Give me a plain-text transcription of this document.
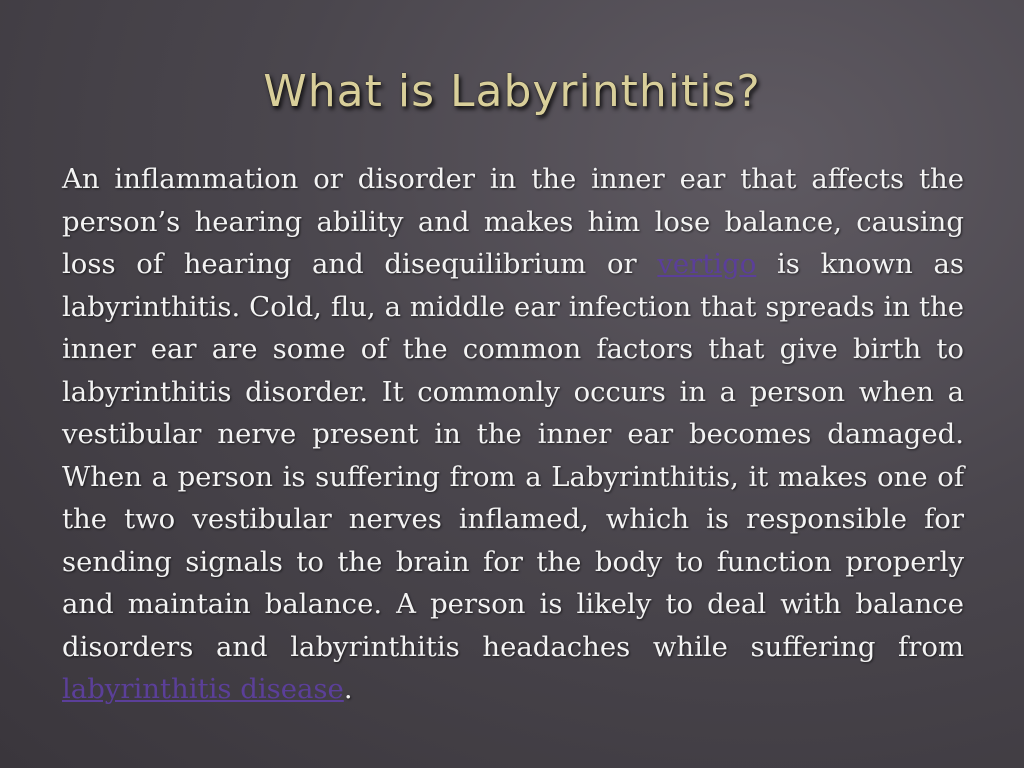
What is Labyrinthitis?

An inflammation or disorder in the inner ear that affects the person’s hearing ability and makes him lose balance, causing loss of hearing and disequilibrium or vertigo is known as labyrinthitis. Cold, flu, a middle ear infection that spreads in the inner ear are some of the common factors that give birth to labyrinthitis disorder. It commonly occurs in a person when a vestibular nerve present in the inner ear becomes damaged. When a person is suffering from a Labyrinthitis, it makes one of the two vestibular nerves inflamed, which is responsible for sending signals to the brain for the body to function properly and maintain balance. A person is likely to deal with balance disorders and labyrinthitis headaches while suffering from labyrinthitis disease.
